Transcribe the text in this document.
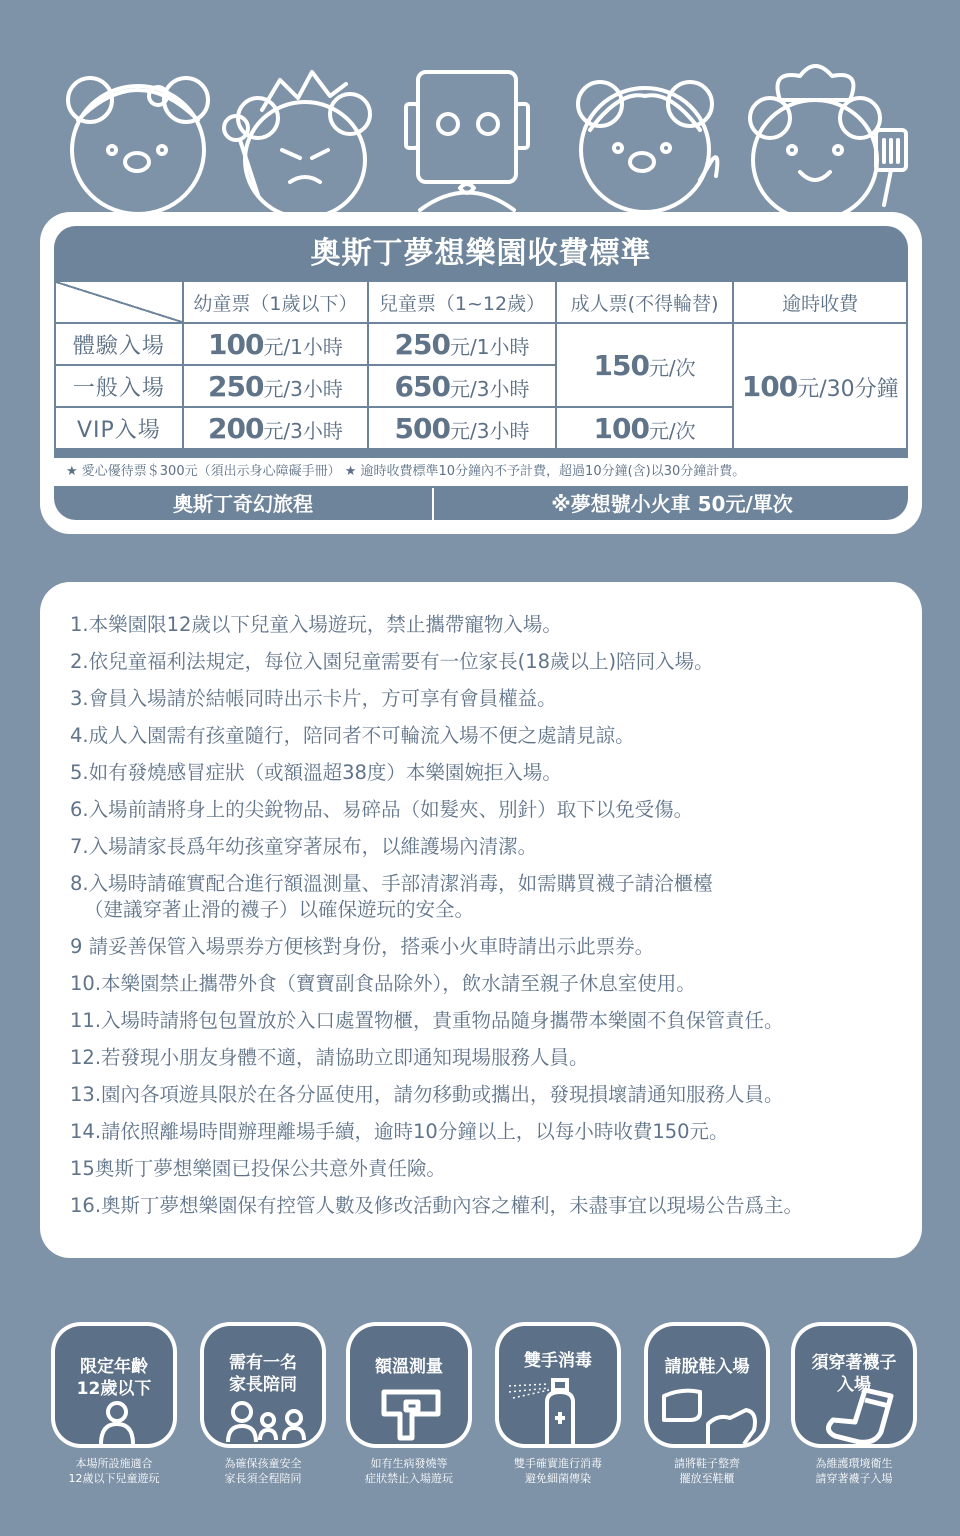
奧斯丁夢想樂園收費標準
	幼童票（1歲以下）	兒童票（1~12歲）	成人票(不得輪替)	逾時收費
體驗入場	100元/1小時	250元/1小時	150元/次	100元/30分鐘
一般入場	250元/3小時	650元/3小時		
VIP入場	200元/3小時	500元/3小時	100元/次	
★ 愛心優待票＄300元（須出示身心障礙手冊） ★ 逾時收費標準10分鐘內不予計費，超過10分鐘(含)以30分鐘計費。
奧斯丁奇幻旅程	※夢想號小火車 50元/單次
1.本樂園限12歲以下兒童入場遊玩，禁止攜帶寵物入場。
2.依兒童福利法規定，每位入園兒童需要有一位家長(18歲以上)陪同入場。
3.會員入場請於結帳同時出示卡片，方可享有會員權益。
4.成人入園需有孩童隨行，陪同者不可輪流入場不便之處請見諒。
5.如有發燒感冒症狀（或額溫超38度）本樂園婉拒入場。
6.入場前請將身上的尖銳物品、易碎品（如髮夾、別針）取下以免受傷。
7.入場請家長爲年幼孩童穿著尿布，以維護場內清潔。
8.入場時請確實配合進行額溫測量、手部清潔消毒，如需購買襪子請洽櫃檯
（建議穿著止滑的襪子）以確保遊玩的安全。
9 請妥善保管入場票券方便核對身份，搭乘小火車時請出示此票券。
10.本樂園禁止攜帶外食（寶寶副食品除外），飲水請至親子休息室使用。
11.入場時請將包包置放於入口處置物櫃，貴重物品隨身攜帶本樂園不負保管責任。
12.若發現小朋友身體不適，請協助立即通知現場服務人員。
13.園內各項遊具限於在各分區使用，請勿移動或攜出，發現損壞請通知服務人員。
14.請依照離場時間辦理離場手續，逾時10分鐘以上，以每小時收費150元。
15奧斯丁夢想樂園已投保公共意外責任險。
16.奧斯丁夢想樂園保有控管人數及修改活動內容之權利，未盡事宜以現場公告爲主。
限定年齡
12歲以下
本場所設施適合
12歲以下兒童遊玩
需有一名
家長陪同
為確保孩童安全
家長須全程陪同
額溫測量
如有生病發燒等
症狀禁止入場遊玩
雙手消毒
雙手確實進行消毒
避免細菌傳染
請脫鞋入場
請將鞋子整齊
擺放至鞋櫃
須穿著襪子
入場
為維護環境衛生
請穿著襪子入場
